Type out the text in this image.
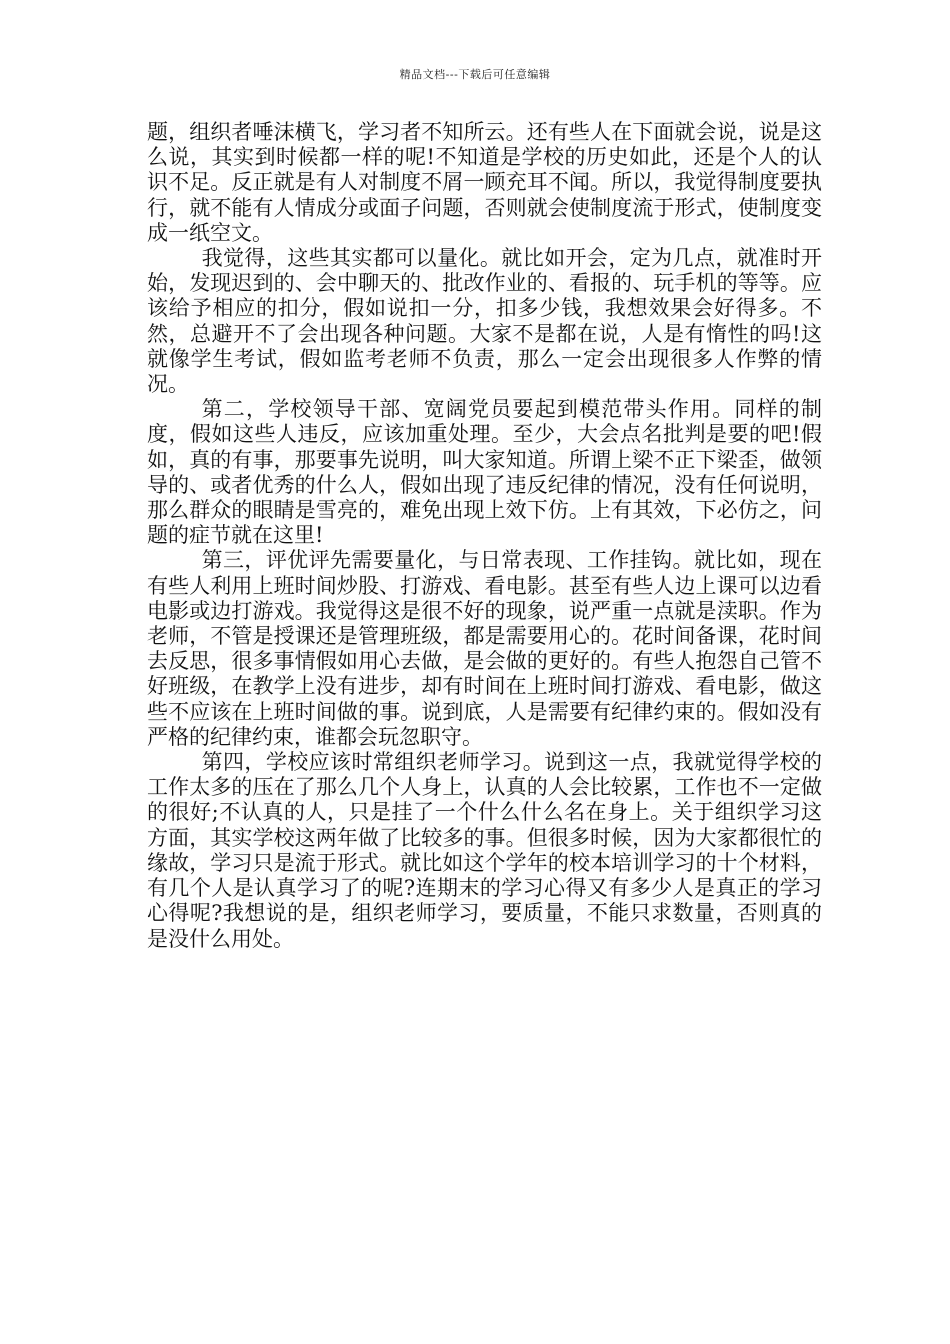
精品文档---下载后可任意编辑

题，组织者唾沫横飞，学习者不知所云。还有些人在下面就会说，说是这么说，其实到时候都一样的呢!不知道是学校的历史如此，还是个人的认识不足。反正就是有人对制度不屑一顾充耳不闻。所以，我觉得制度要执行，就不能有人情成分或面子问题，否则就会使制度流于形式，使制度变成一纸空文。

我觉得，这些其实都可以量化。就比如开会，定为几点，就准时开始，发现迟到的、会中聊天的、批改作业的、看报的、玩手机的等等。应该给予相应的扣分，假如说扣一分，扣多少钱，我想效果会好得多。不然，总避开不了会出现各种问题。大家不是都在说，人是有惰性的吗!这就像学生考试，假如监考老师不负责，那么一定会出现很多人作弊的情况。

第二，学校领导干部、宽阔党员要起到模范带头作用。同样的制度，假如这些人违反，应该加重处理。至少，大会点名批判是要的吧!假如，真的有事，那要事先说明，叫大家知道。所谓上梁不正下梁歪，做领导的、或者优秀的什么人，假如出现了违反纪律的情况，没有任何说明，那么群众的眼睛是雪亮的，难免出现上效下仿。上有其效，下必仿之，问题的症节就在这里!

第三，评优评先需要量化，与日常表现、工作挂钩。就比如，现在有些人利用上班时间炒股、打游戏、看电影。甚至有些人边上课可以边看电影或边打游戏。我觉得这是很不好的现象，说严重一点就是渎职。作为老师，不管是授课还是管理班级，都是需要用心的。花时间备课，花时间去反思，很多事情假如用心去做，是会做的更好的。有些人抱怨自己管不好班级，在教学上没有进步，却有时间在上班时间打游戏、看电影，做这些不应该在上班时间做的事。说到底，人是需要有纪律约束的。假如没有严格的纪律约束，谁都会玩忽职守。

第四，学校应该时常组织老师学习。说到这一点，我就觉得学校的工作太多的压在了那么几个人身上，认真的人会比较累，工作也不一定做的很好;不认真的人，只是挂了一个什么什么名在身上。关于组织学习这方面，其实学校这两年做了比较多的事。但很多时候，因为大家都很忙的缘故，学习只是流于形式。就比如这个学年的校本培训学习的十个材料，有几个人是认真学习了的呢?连期末的学习心得又有多少人是真正的学习心得呢?我想说的是，组织老师学习，要质量，不能只求数量，否则真的是没什么用处。
